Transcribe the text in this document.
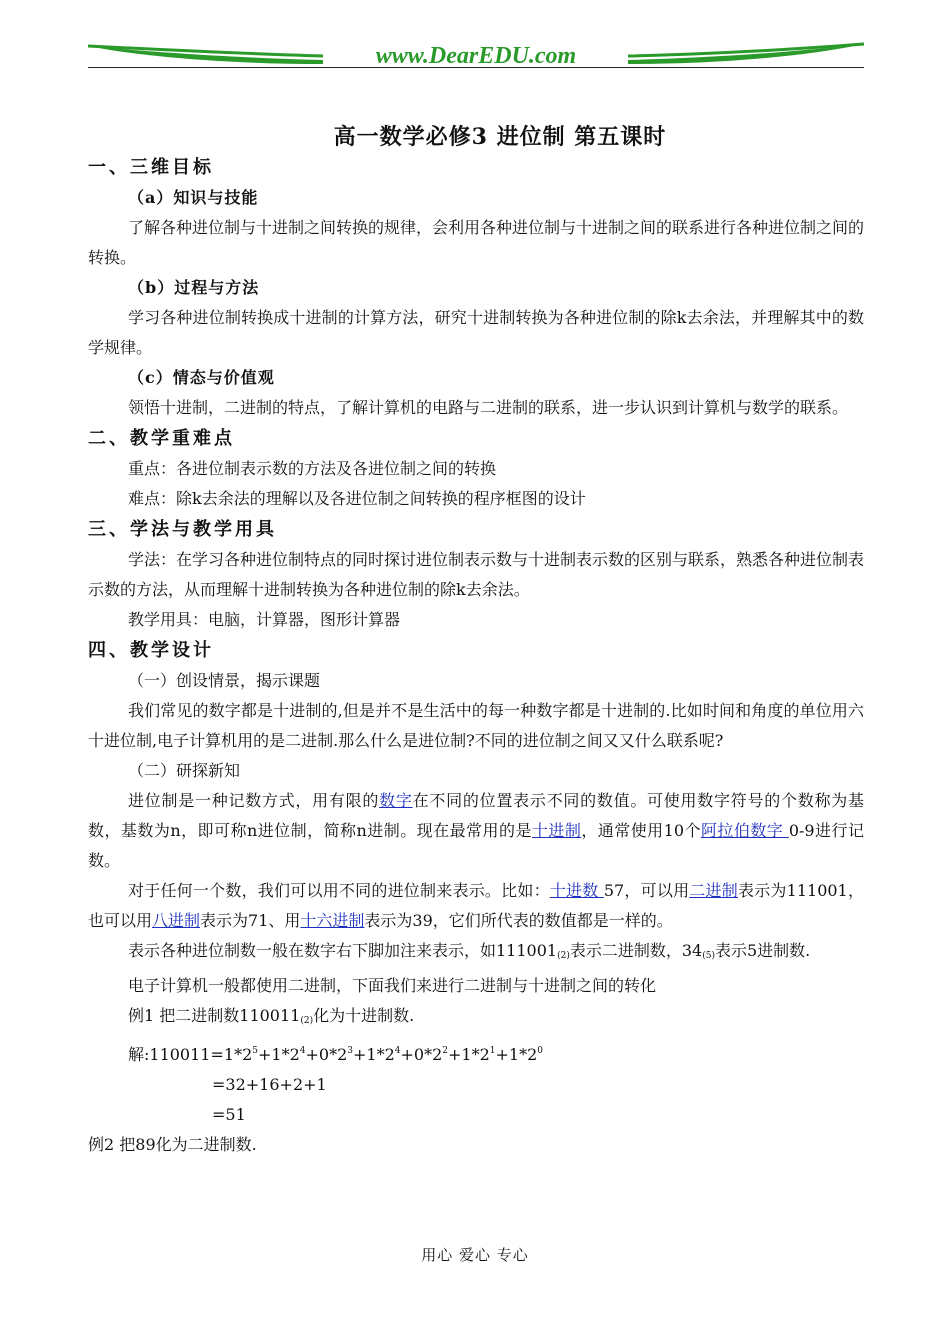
www.DearEDU.com
高一数学必修3 进位制 第五课时
一、三维目标
（a）知识与技能
了解各种进位制与十进制之间转换的规律，会利用各种进位制与十进制之间的联系进行各种进位制之间的转换。
（b）过程与方法
学习各种进位制转换成十进制的计算方法，研究十进制转换为各种进位制的除k去余法，并理解其中的数学规律。
（c）情态与价值观
领悟十进制，二进制的特点，了解计算机的电路与二进制的联系，进一步认识到计算机与数学的联系。
二、教学重难点
重点：各进位制表示数的方法及各进位制之间的转换
难点：除k去余法的理解以及各进位制之间转换的程序框图的设计
三、学法与教学用具
学法：在学习各种进位制特点的同时探讨进位制表示数与十进制表示数的区别与联系，熟悉各种进位制表示数的方法，从而理解十进制转换为各种进位制的除k去余法。
教学用具：电脑，计算器，图形计算器
四、教学设计
（一）创设情景，揭示课题
我们常见的数字都是十进制的,但是并不是生活中的每一种数字都是十进制的.比如时间和角度的单位用六十进位制,电子计算机用的是二进制.那么什么是进位制?不同的进位制之间又又什么联系呢?
（二）研探新知
进位制是一种记数方式，用有限的数字在不同的位置表示不同的数值。可使用数字符号的个数称为基数，基数为n，即可称n进位制，简称n进制。现在最常用的是十进制，通常使用10个阿拉伯数字 0-9进行记数。
对于任何一个数，我们可以用不同的进位制来表示。比如：十进数 57，可以用二进制表示为111001，也可以用八进制表示为71、用十六进制表示为39，它们所代表的数值都是一样的。
表示各种进位制数一般在数字右下脚加注来表示，如$111001_{(2)}$表示二进制数，$34_{(5)}$表示5进制数.
电子计算机一般都使用二进制，下面我们来进行二进制与十进制之间的转化
例1 把二进制数$110011_{(2)}$化为十进制数.
解$:110011=1*2^5+1*2^4+0*2^3+1*2^4+0*2^2+1*2^1+1*2^0$
=32+16+2+1
=51
例2 把89化为二进制数.
用心 爱心 专心
